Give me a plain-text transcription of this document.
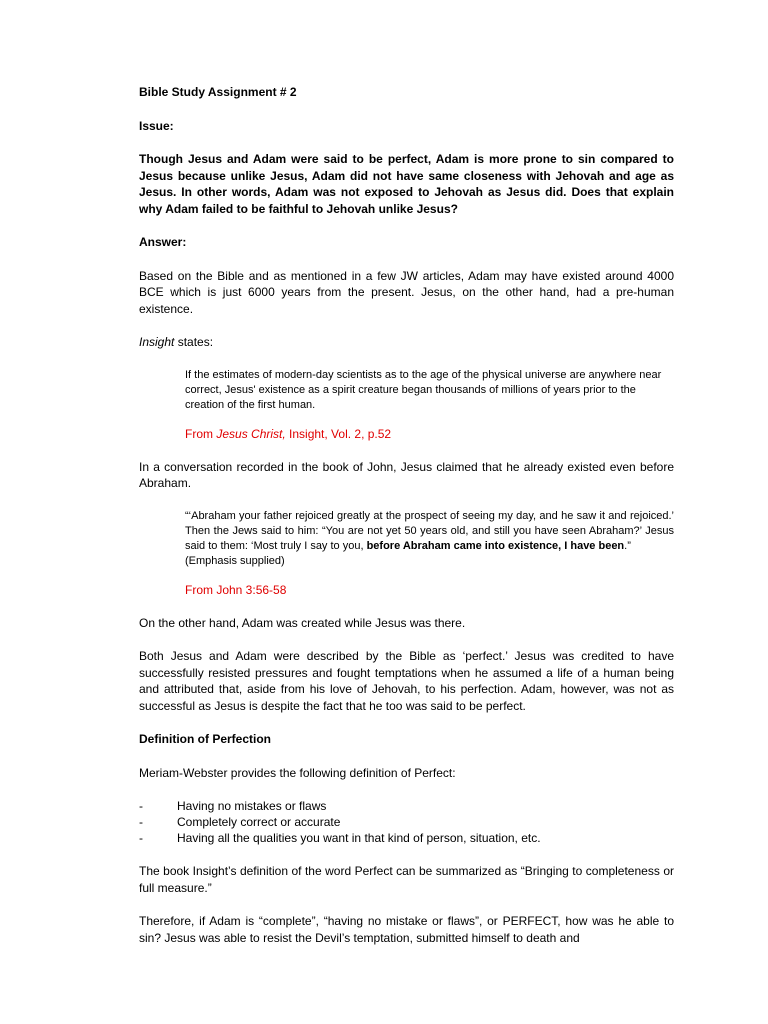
Bible Study Assignment # 2

Issue:

Though Jesus and Adam were said to be perfect, Adam is more prone to sin compared to Jesus because unlike Jesus, Adam did not have same closeness with Jehovah and age as Jesus. In other words, Adam was not exposed to Jehovah as Jesus did. Does that explain why Adam failed to be faithful to Jehovah unlike Jesus?

Answer:

Based on the Bible and as mentioned in a few JW articles, Adam may have existed around 4000 BCE which is just 6000 years from the present. Jesus, on the other hand, had a pre-human existence.

Insight states:

If the estimates of modern-day scientists as to the age of the physical universe are anywhere near correct, Jesus' existence as a spirit creature began thousands of millions of years prior to the creation of the first human.

From Jesus Christ, Insight, Vol. 2, p.52

In a conversation recorded in the book of John, Jesus claimed that he already existed even before Abraham.

“‘Abraham your father rejoiced greatly at the prospect of seeing my day, and he saw it and rejoiced.’ Then the Jews said to him: “You are not yet 50 years old, and still you have seen Abraham?’ Jesus said to them: ‘Most truly I say to you, before Abraham came into existence, I have been.”

(Emphasis supplied)

From John 3:56-58

On the other hand, Adam was created while Jesus was there.

Both Jesus and Adam were described by the Bible as ‘perfect.’ Jesus was credited to have successfully resisted pressures and fought temptations when he assumed a life of a human being and attributed that, aside from his love of Jehovah, to his perfection. Adam, however, was not as successful as Jesus is despite the fact that he too was said to be perfect.

Definition of Perfection

Meriam-Webster provides the following definition of Perfect:

- Having no mistakes or flaws
- Completely correct or accurate
- Having all the qualities you want in that kind of person, situation, etc.

The book Insight’s definition of the word Perfect can be summarized as “Bringing to completeness or full measure.”

Therefore, if Adam is “complete”, “having no mistake or flaws”, or PERFECT, how was he able to sin? Jesus was able to resist the Devil’s temptation, submitted himself to death and
